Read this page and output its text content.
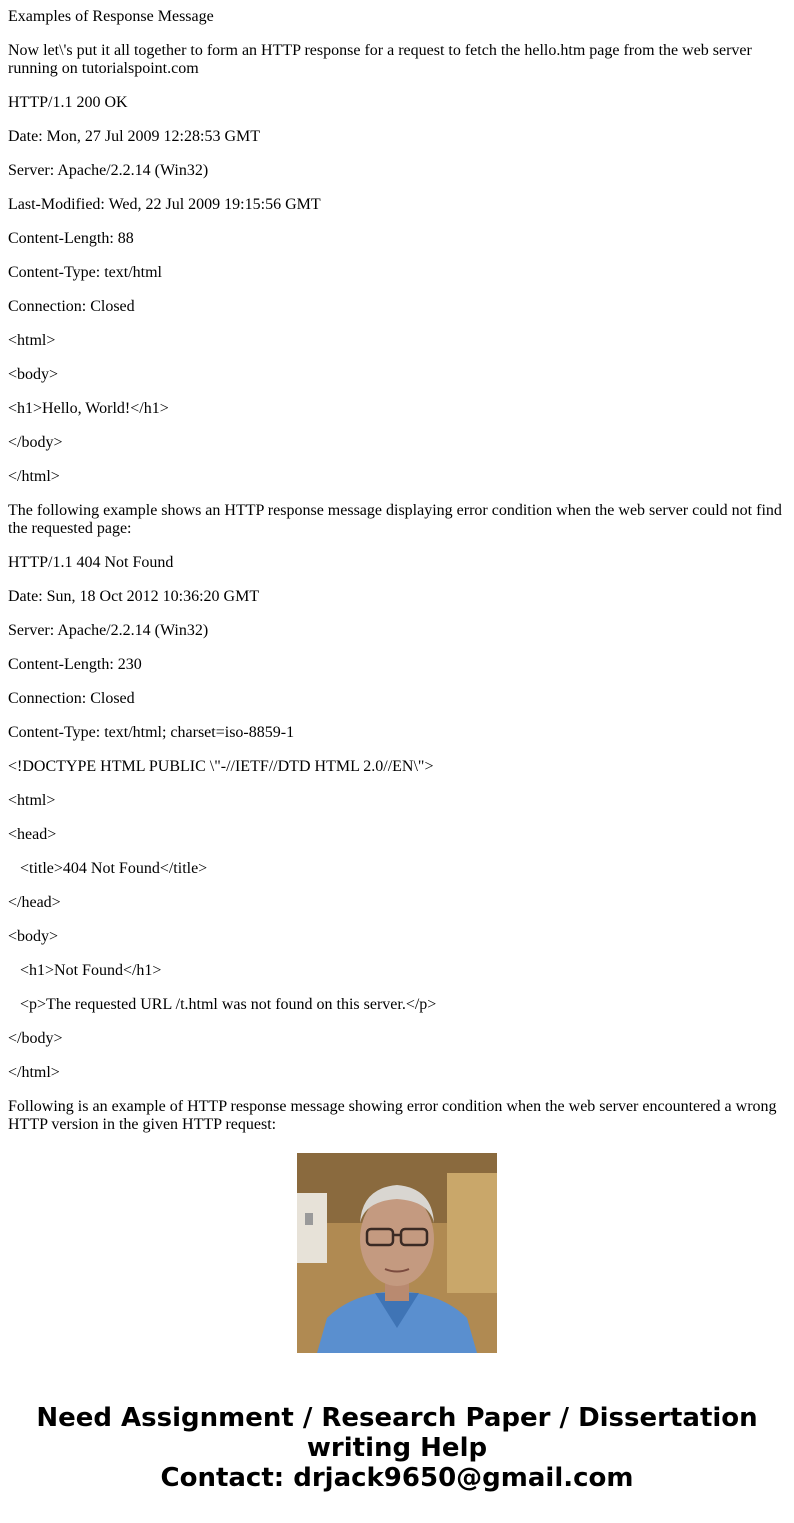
Examples of Response Message

Now let\'s put it all together to form an HTTP response for a request to fetch the hello.htm page from the web server running on tutorialspoint.com

HTTP/1.1 200 OK

Date: Mon, 27 Jul 2009 12:28:53 GMT

Server: Apache/2.2.14 (Win32)

Last-Modified: Wed, 22 Jul 2009 19:15:56 GMT

Content-Length: 88

Content-Type: text/html

Connection: Closed

<html>

<body>

<h1>Hello, World!</h1>

</body>

</html>

The following example shows an HTTP response message displaying error condition when the web server could not find the requested page:

HTTP/1.1 404 Not Found

Date: Sun, 18 Oct 2012 10:36:20 GMT

Server: Apache/2.2.14 (Win32)

Content-Length: 230

Connection: Closed

Content-Type: text/html; charset=iso-8859-1

<!DOCTYPE HTML PUBLIC \"-//IETF//DTD HTML 2.0//EN\">

<html>

<head>

<title>404 Not Found</title>

</head>

<body>

<h1>Not Found</h1>

<p>The requested URL /t.html was not found on this server.</p>

</body>

</html>

Following is an example of HTTP response message showing error condition when the web server encountered a wrong HTTP version in the given HTTP request:

Need Assignment / Research Paper / Dissertation
writing Help
Contact: drjack9650@gmail.com
